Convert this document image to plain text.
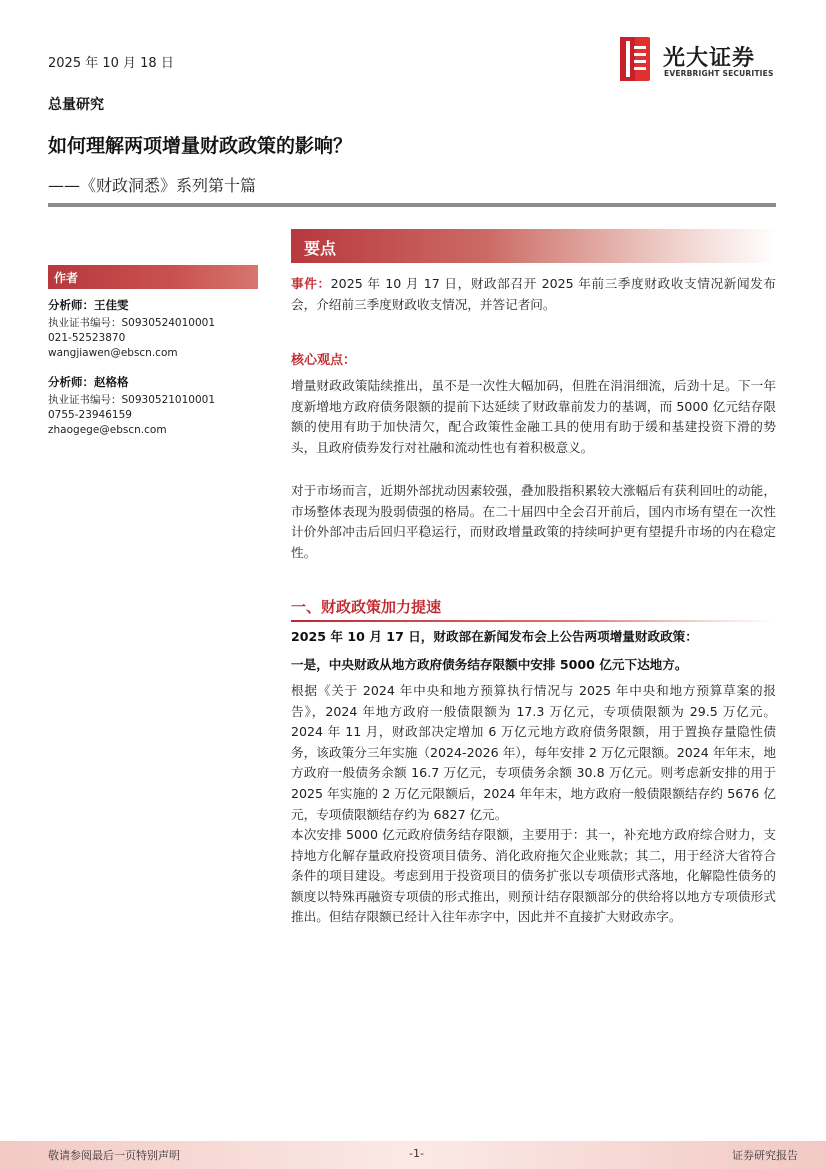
2025 年 10 月 18 日	光大证券
EVERBRIGHT SECURITIES
总量研究
如何理解两项增量财政政策的影响？
——《财政洞悉》系列第十篇
要点
作者
分析师：王佳雯
执业证书编号：S0930524010001
021-52523870
wangjiawen@ebscn.com
分析师：赵格格
执业证书编号：S0930521010001
0755-23946159
zhaogege@ebscn.com
事件：2025 年 10 月 17 日，财政部召开 2025 年前三季度财政收支情况新闻发布会，介绍前三季度财政收支情况，并答记者问。
核心观点：
增量财政政策陆续推出，虽不是一次性大幅加码，但胜在涓涓细流，后劲十足。下一年度新增地方政府债务限额的提前下达延续了财政靠前发力的基调，而 5000 亿元结存限额的使用有助于加快清欠，配合政策性金融工具的使用有助于缓和基建投资下滑的势头，且政府债券发行对社融和流动性也有着积极意义。
对于市场而言，近期外部扰动因素较强，叠加股指积累较大涨幅后有获利回吐的动能，市场整体表现为股弱债强的格局。在二十届四中全会召开前后，国内市场有望在一次性计价外部冲击后回归平稳运行，而财政增量政策的持续呵护更有望提升市场的内在稳定性。
一、财政政策加力提速
2025 年 10 月 17 日，财政部在新闻发布会上公告两项增量财政政策：
一是，中央财政从地方政府债务结存限额中安排 5000 亿元下达地方。
根据《关于 2024 年中央和地方预算执行情况与 2025 年中央和地方预算草案的报告》，2024 年地方政府一般债限额为 17.3 万亿元，专项债限额为 29.5 万亿元。2024 年 11 月，财政部决定增加 6 万亿元地方政府债务限额，用于置换存量隐性债务，该政策分三年实施（2024-2026 年），每年安排 2 万亿元限额。2024 年年末，地方政府一般债务余额 16.7 万亿元，专项债务余额 30.8 万亿元。则考虑新安排的用于 2025 年实施的 2 万亿元限额后，2024 年年末，地方政府一般债限额结存约 5676 亿元，专项债限额结存约为 6827 亿元。
本次安排 5000 亿元政府债务结存限额，主要用于：其一，补充地方政府综合财力，支持地方化解存量政府投资项目债务、消化政府拖欠企业账款；其二，用于经济大省符合条件的项目建设。考虑到用于投资项目的债务扩张以专项债形式落地，化解隐性债务的额度以特殊再融资专项债的形式推出，则预计结存限额部分的供给将以地方专项债形式推出。但结存限额已经计入往年赤字中，因此并不直接扩大财政赤字。
敬请参阅最后一页特别声明	-1-	证券研究报告
